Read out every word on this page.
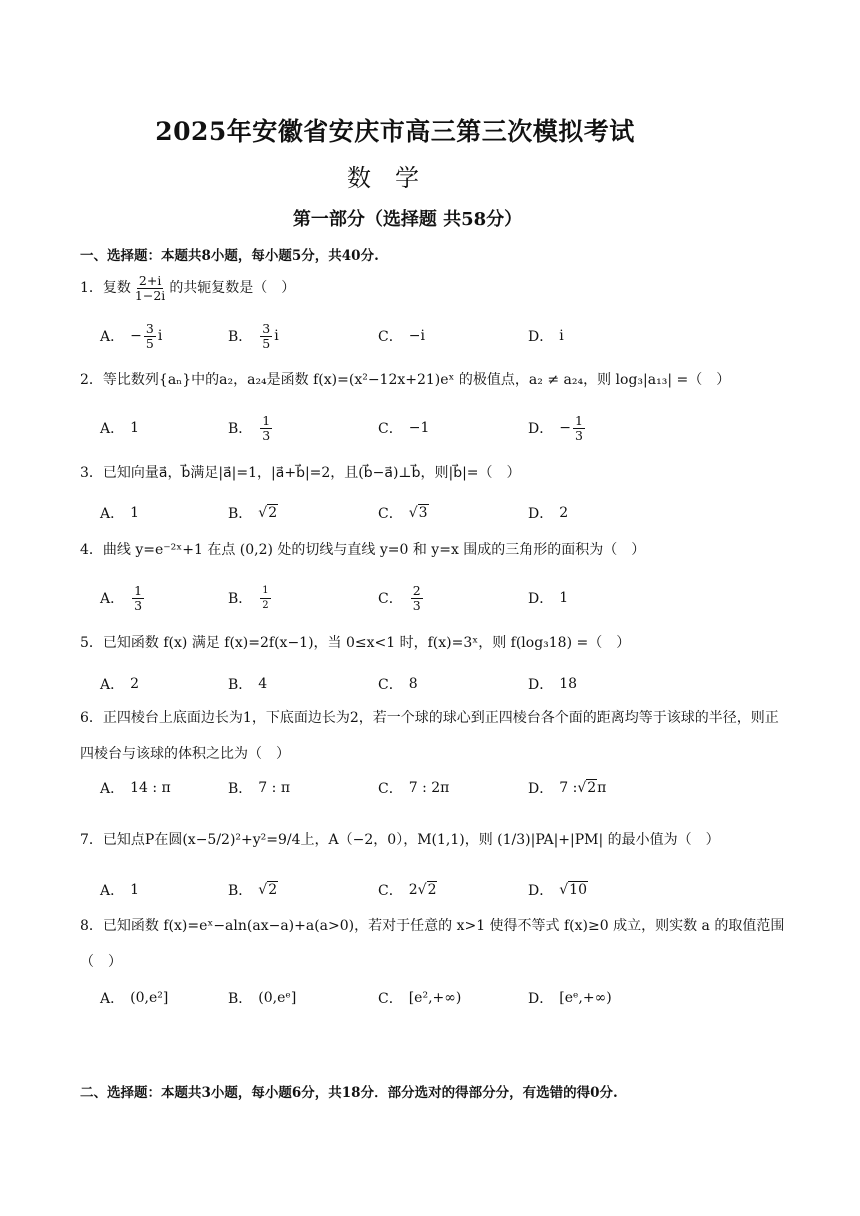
2025年安徽省安庆市高三第三次模拟考试
数学
第一部分（选择题 共58分）
一、选择题：本题共8小题，每小题5分，共40分.
1．复数 $\frac{2+i}{1-2i}$ 的共轭复数是（　）
A． − $\frac{3}{5}$ i	B． $\frac{3}{5}$ i	C． −i	D． i
2．等比数列{aₙ}中的a₂，a₂₄是函数 f(x)=(x²−12x+21)eˣ 的极值点，a₂ ≠ a₂₄，则 log₃|a₁₃| =（　）
A． 1	B． $\frac{1}{3}$	C． −1	D． − $\frac{1}{3}$
3．已知向量a⃗，b⃗满足|a⃗|=1，|a⃗+b⃗|=2，且(b⃗−a⃗)⊥b⃗，则|b⃗|=（　）
A． 1	B． √2	C． √3	D． 2
4．曲线 y=e⁻²ˣ+1 在点 (0,2) 处的切线与直线 y=0 和 y=x 围成的三角形的面积为（　）
A． $\frac{1}{3}$	B． $\frac{1}{2}$	C． $\frac{2}{3}$	D． 1
5．已知函数 f(x) 满足 f(x)=2f(x−1)，当 0≤x<1 时，f(x)=3ˣ，则 f(log₃18) =（　）
A． 2	B． 4	C． 8	D． 18
6．正四棱台上底面边长为1，下底面边长为2，若一个球的球心到正四棱台各个面的距离均等于该球的半径，则正四棱台与该球的体积之比为（　）
A． 14 : π	B． 7 : π	C． 7 : 2π	D． 7 : √2 π
7．已知点P在圆(x−5/2)²+y²=9/4上，A（−2，0），M(1,1)，则 (1/3)|PA|+|PM| 的最小值为（　）
A． 1	B． √2	C． 2 √2	D． √10
8．已知函数 f(x)=eˣ−aln(ax−a)+a(a>0)，若对于任意的 x>1 使得不等式 f(x)≥0 成立，则实数 a 的取值范围（　）
A． (0,e²]	B． (0,eᵉ]	C． [e²,+∞)	D． [eᵉ,+∞)
二、选择题：本题共3小题，每小题6分，共18分．部分选对的得部分分，有选错的得0分.
